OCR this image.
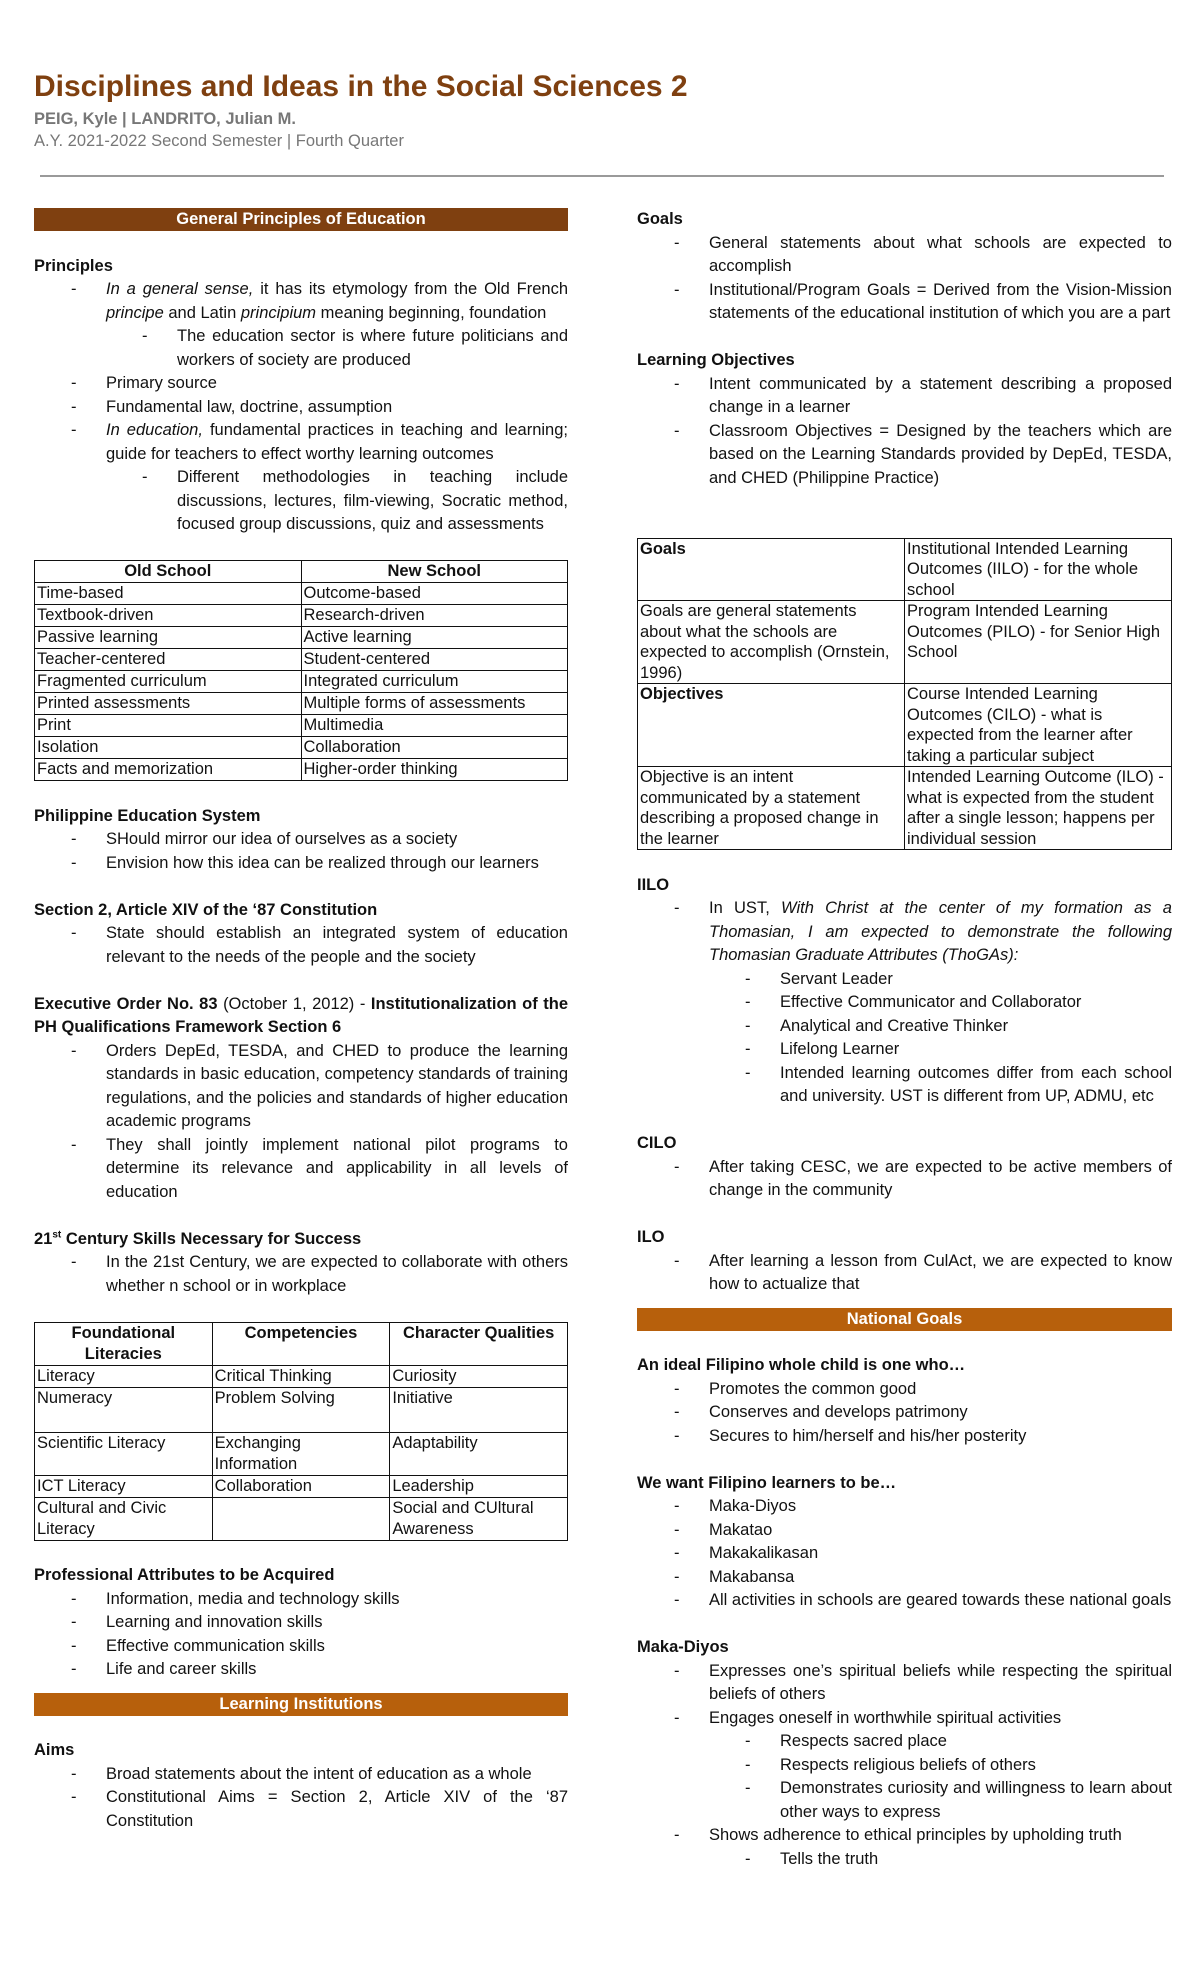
Disciplines and Ideas in the Social Sciences 2
PEIG, Kyle | LANDRITO, Julian M.
A.Y. 2021-2022 Second Semester | Fourth Quarter
General Principles of Education
Principles
- In a general sense, it has its etymology from the Old French principe and Latin principium meaning beginning, foundation
- The education sector is where future politicians and workers of society are produced
- Primary source
- Fundamental law, doctrine, assumption
- In education, fundamental practices in teaching and learning; guide for teachers to effect worthy learning outcomes
- Different methodologies in teaching include discussions, lectures, film-viewing, Socratic method, focused group discussions, quiz and assessments
Old School	New School
Time-based	Outcome-based
Textbook-driven	Research-driven
Passive learning	Active learning
Teacher-centered	Student-centered
Fragmented curriculum	Integrated curriculum
Printed assessments	Multiple forms of assessments
Print	Multimedia
Isolation	Collaboration
Facts and memorization	Higher-order thinking
Philippine Education System
- SHould mirror our idea of ourselves as a society
- Envision how this idea can be realized through our learners
Section 2, Article XIV of the ‘87 Constitution
- State should establish an integrated system of education relevant to the needs of the people and the society
Executive Order No. 83 (October 1, 2012) - Institutionalization of the PH Qualifications Framework Section 6
- Orders DepEd, TESDA, and CHED to produce the learning standards in basic education, competency standards of training regulations, and the policies and standards of higher education academic programs
- They shall jointly implement national pilot programs to determine its relevance and applicability in all levels of education
21st Century Skills Necessary for Success
- In the 21st Century, we are expected to collaborate with others whether n school or in workplace
Foundational Literacies	Competencies	Character Qualities
Literacy	Critical Thinking	Curiosity
Numeracy	Problem Solving	Initiative
Scientific Literacy	Exchanging Information	Adaptability
ICT Literacy	Collaboration	Leadership
Cultural and Civic Literacy		Social and CUltural Awareness
Professional Attributes to be Acquired
- Information, media and technology skills
- Learning and innovation skills
- Effective communication skills
- Life and career skills
Learning Institutions
Aims
- Broad statements about the intent of education as a whole
- Constitutional Aims = Section 2, Article XIV of the ‘87 Constitution
Goals
- General statements about what schools are expected to accomplish
- Institutional/Program Goals = Derived from the Vision-Mission statements of the educational institution of which you are a part
Learning Objectives
- Intent communicated by a statement describing a proposed change in a learner
- Classroom Objectives = Designed by the teachers which are based on the Learning Standards provided by DepEd, TESDA, and CHED (Philippine Practice)
Goals	Institutional Intended Learning Outcomes (IILO) - for the whole school
Goals are general statements about what the schools are expected to accomplish (Ornstein, 1996)	Program Intended Learning Outcomes (PILO) - for Senior High School
Objectives	Course Intended Learning Outcomes (CILO) - what is expected from the learner after taking a particular subject
Objective is an intent communicated by a statement describing a proposed change in the learner	Intended Learning Outcome (ILO) - what is expected from the student after a single lesson; happens per individual session
IILO
- In UST, With Christ at the center of my formation as a Thomasian, I am expected to demonstrate the following Thomasian Graduate Attributes (ThoGAs):
- Servant Leader
- Effective Communicator and Collaborator
- Analytical and Creative Thinker
- Lifelong Learner
- Intended learning outcomes differ from each school and university. UST is different from UP, ADMU, etc
CILO
- After taking CESC, we are expected to be active members of change in the community
ILO
- After learning a lesson from CulAct, we are expected to know how to actualize that
National Goals
An ideal Filipino whole child is one who…
- Promotes the common good
- Conserves and develops patrimony
- Secures to him/herself and his/her posterity
We want Filipino learners to be…
- Maka-Diyos
- Makatao
- Makakalikasan
- Makabansa
- All activities in schools are geared towards these national goals
Maka-Diyos
- Expresses one’s spiritual beliefs while respecting the spiritual beliefs of others
- Engages oneself in worthwhile spiritual activities
- Respects sacred place
- Respects religious beliefs of others
- Demonstrates curiosity and willingness to learn about other ways to express
- Shows adherence to ethical principles by upholding truth
- Tells the truth
